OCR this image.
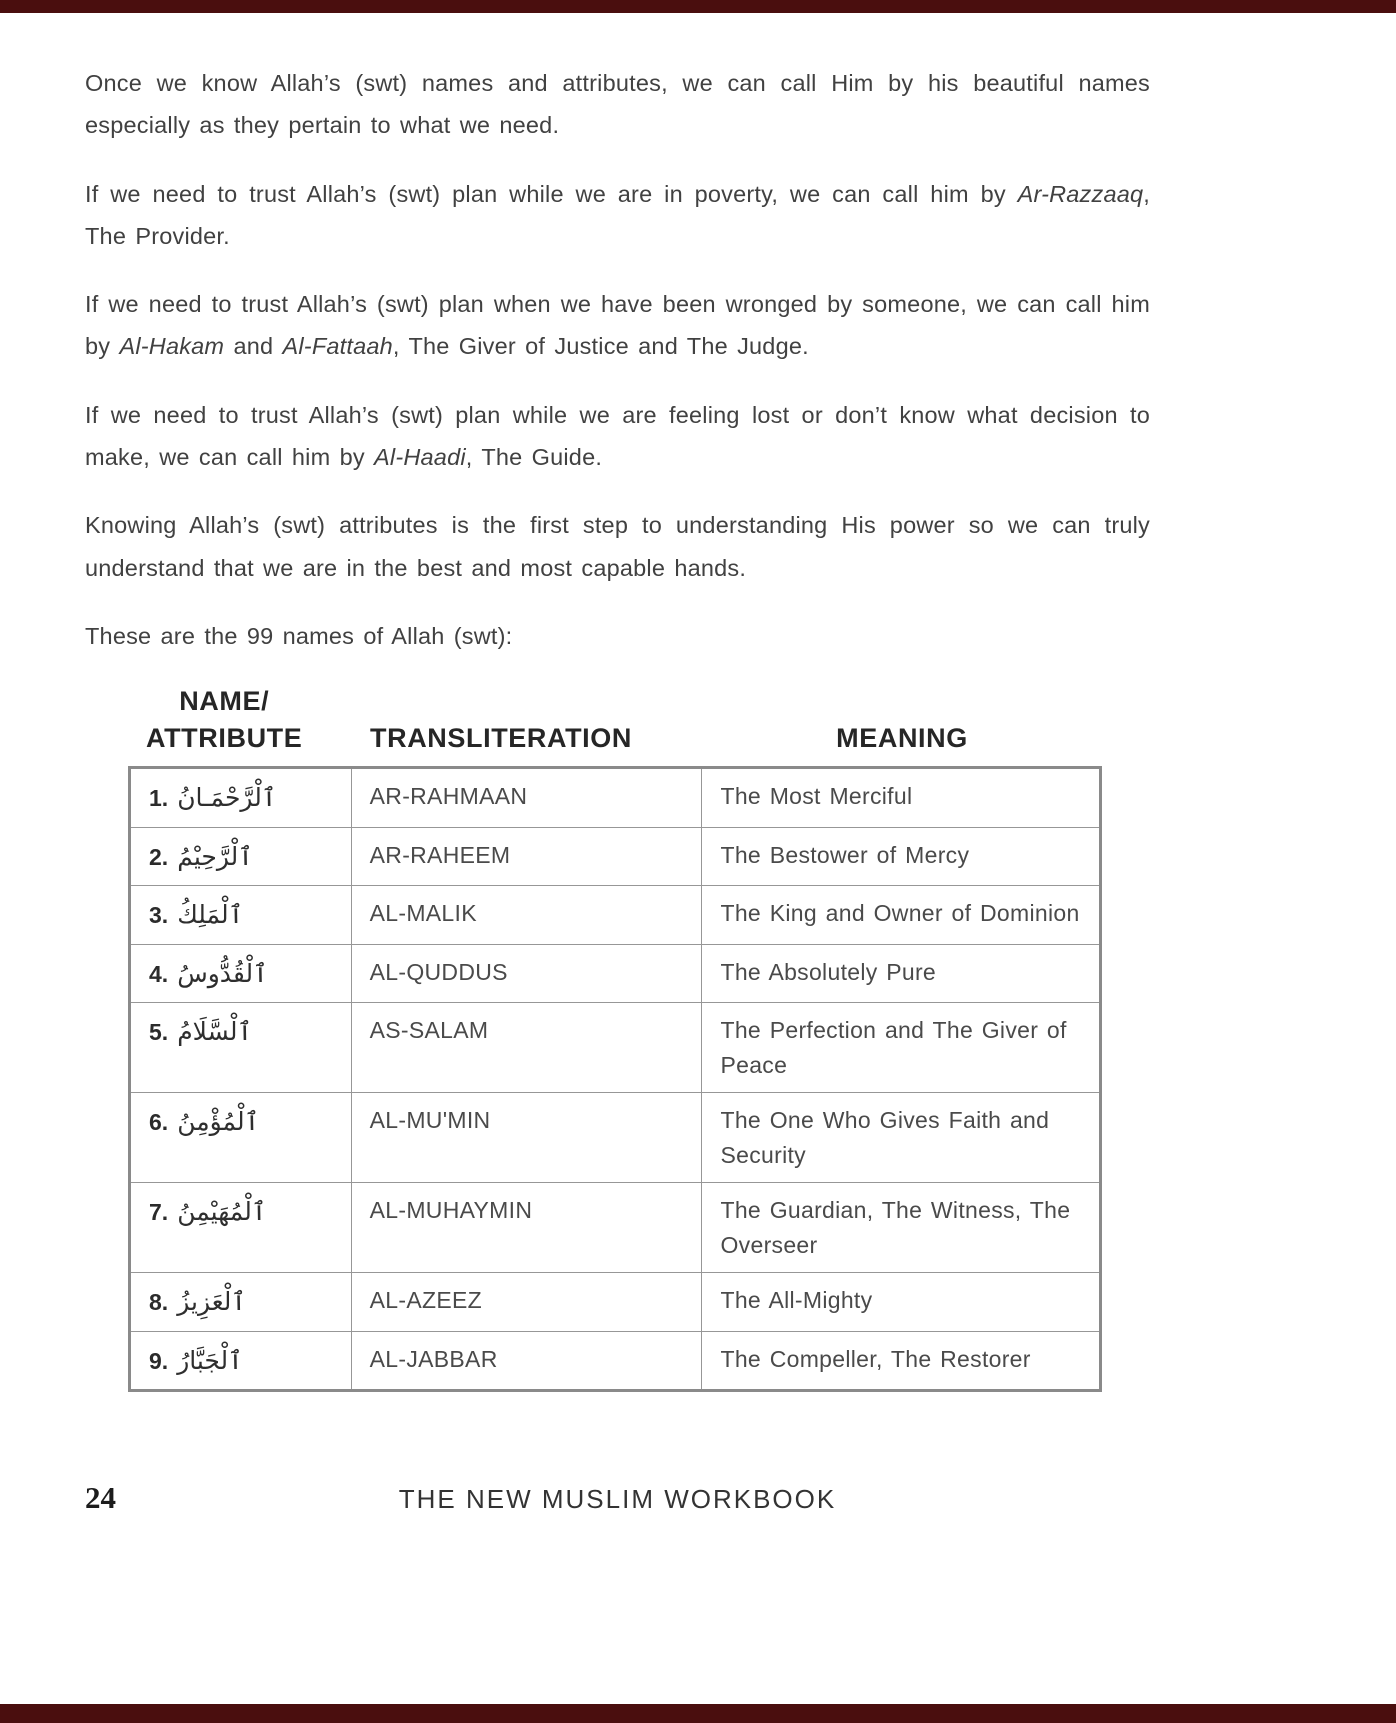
Once we know Allah’s (swt) names and attributes, we can call Him by his beautiful names especially as they pertain to what we need.

If we need to trust Allah’s (swt) plan while we are in poverty, we can call him by Ar-Razzaaq, The Provider.

If we need to trust Allah’s (swt) plan when we have been wronged by someone, we can call him by Al-Hakam and Al-Fattaah, The Giver of Justice and The Judge.

If we need to trust Allah’s (swt) plan while we are feeling lost or don’t know what decision to make, we can call him by Al-Haadi, The Guide.

Knowing Allah’s (swt) attributes is the first step to understanding His power so we can truly understand that we are in the best and most capable hands.

These are the 99 names of Allah (swt):

NAME/
ATTRIBUTE	TRANSLITERATION	MEANING
1. ٱلْرَّحْمَـانُ	AR-RAHMAAN	The Most Merciful
2. ٱلْرَّحِيْمُ	AR-RAHEEM	The Bestower of Mercy
3. ٱلْمَلِكُ	AL-MALIK	The King and Owner of Dominion
4. ٱلْقُدُّوسُ	AL-QUDDUS	The Absolutely Pure
5. ٱلْسَّلَامُ	AS-SALAM	The Perfection and The Giver of Peace
6. ٱلْمُؤْمِنُ	AL-MU'MIN	The One Who Gives Faith and Security
7. ٱلْمُهَيْمِنُ	AL-MUHAYMIN	The Guardian, The Witness, The Overseer
8. ٱلْعَزِيزُ	AL-AZEEZ	The All-Mighty
9. ٱلْجَبَّارُ	AL-JABBAR	The Compeller, The Restorer
24	THE NEW MUSLIM WORKBOOK
